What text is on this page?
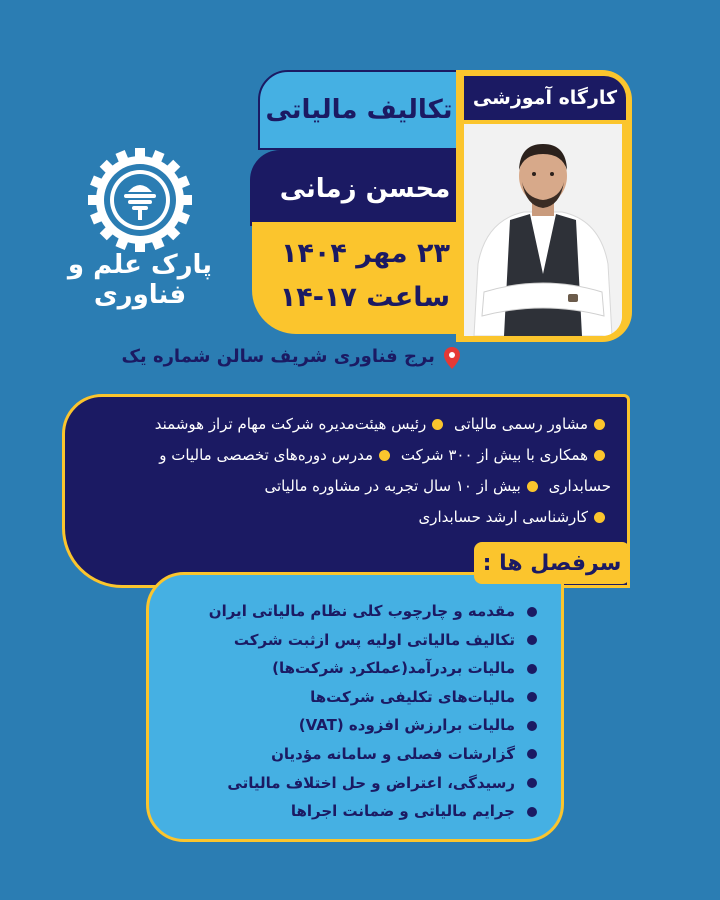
پارک علم و فناوری
تکالیف مالیاتی
محسن زمانی
۲۳ مهر ۱۴۰۴
ساعت ۱۷-۱۴
کارگاه آموزشی
برج فناوری شریف سالن شماره یک
مشاور رسمی مالیاتی رئیس هیئت‌مدیره شرکت مهام تراز هوشمند
همکاری با بیش از ۳۰۰ شرکت مدرس دوره‌های تخصصی مالیات و
حسابداری بیش از ۱۰ سال تجربه در مشاوره مالیاتی
کارشناسی ارشد حسابداری
مقدمه و چارچوب کلی نظام مالیاتی ایران
تکالیف مالیاتی اولیه پس ازثبت شرکت
مالیات بردرآمد(عملکرد شرکت‌ها)
مالیات‌های تکلیفی شرکت‌ها
مالیات برارزش افزوده (VAT)
گزارشات فصلی و سامانه مؤدیان
رسیدگی، اعتراض و حل اختلاف مالیاتی
جرایم مالیاتی و ضمانت اجراها
سرفصل ها :
